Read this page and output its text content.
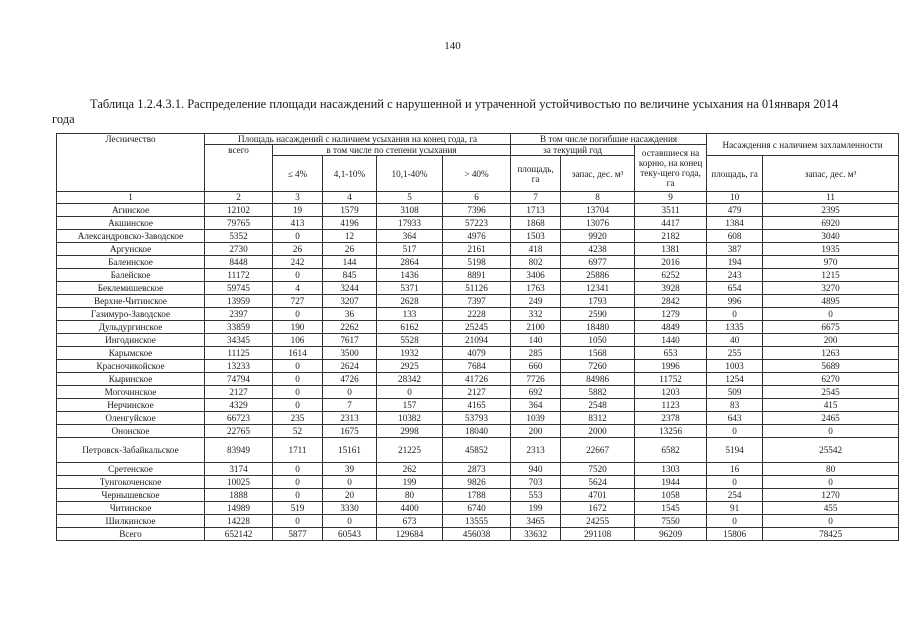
140
Таблица 1.2.4.3.1. Распределение площади насаждений с нарушенной и утраченной устойчивостью по величине усыхания на 01января 2014 года
Лесничество	Площадь насаждений с наличием усыхания на конец года, га					В том числе погибшие насаждения			Насаждения с наличием захламленности	
	всего	в том числе по степени усыхания				за текущий год		оставшиеся на корню, на конец теку-щего года, га		
		≤ 4%	4,1-10%	10,1-40%	> 40%	площадь, га	запас, дес. м³		площадь, га	запас, дес. м³
1	2	3	4	5	6	7	8	9	10	11
Агинское	12102	19	1579	3108	7396	1713	13704	3511	479	2395
Акшинское	79765	413	4196	17933	57223	1868	13076	4417	1384	6920
Александровско-Заводское	5352	0	12	364	4976	1503	9920	2182	608	3040
Аргунское	2730	26	26	517	2161	418	4238	1381	387	1935
Балеинское	8448	242	144	2864	5198	802	6977	2016	194	970
Балейское	11172	0	845	1436	8891	3406	25886	6252	243	1215
Беклемишевское	59745	4	3244	5371	51126	1763	12341	3928	654	3270
Верхне-Читинское	13959	727	3207	2628	7397	249	1793	2842	996	4895
Газимуро-Заводское	2397	0	36	133	2228	332	2590	1279	0	0
Дульдургинское	33859	190	2262	6162	25245	2100	18480	4849	1335	6675
Ингодинское	34345	106	7617	5528	21094	140	1050	1440	40	200
Карымское	11125	1614	3500	1932	4079	285	1568	653	255	1263
Красночикойское	13233	0	2624	2925	7684	660	7260	1996	1003	5689
Кыринское	74794	0	4726	28342	41726	7726	84986	11752	1254	6270
Могочинское	2127	0	0	0	2127	692	5882	1203	509	2545
Нерчинское	4329	0	7	157	4165	364	2548	1123	83	415
Оленгуйское	66723	235	2313	10382	53793	1039	8312	2378	643	2465
Ононское	22765	52	1675	2998	18040	200	2000	13256	0	0
Петровск-Забайкальское	83949	1711	15161	21225	45852	2313	22667	6582	5194	25542
Сретенское	3174	0	39	262	2873	940	7520	1303	16	80
Тунгокоченское	10025	0	0	199	9826	703	5624	1944	0	0
Чернышевское	1888	0	20	80	1788	553	4701	1058	254	1270
Читинское	14989	519	3330	4400	6740	199	1672	1545	91	455
Шилкинское	14228	0	0	673	13555	3465	24255	7550	0	0
Всего	652142	5877	60543	129684	456038	33632	291108	96209	15806	78425
